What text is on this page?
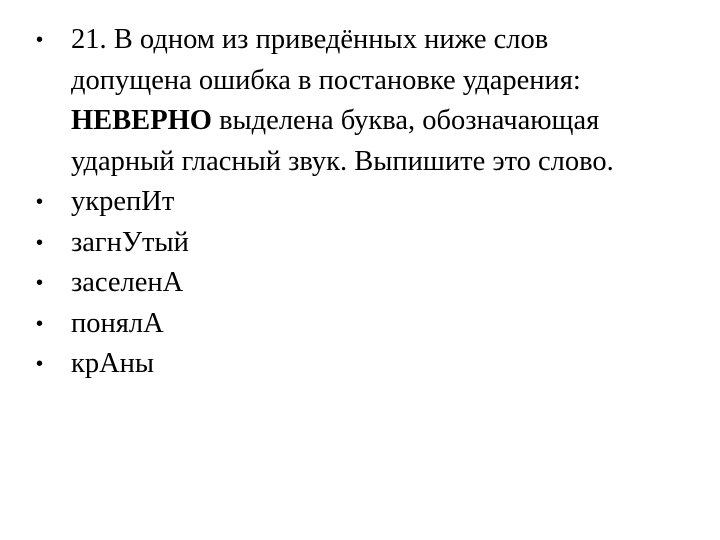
• 21. В одном из приведённых ниже слов допущена ошибка в постановке ударения: НЕВЕРНО выделена буква, обозначающая ударный гласный звук. Выпишите это слово.
• укрепИт
• загнУтый
• заселенА
• понялА
• крАны
